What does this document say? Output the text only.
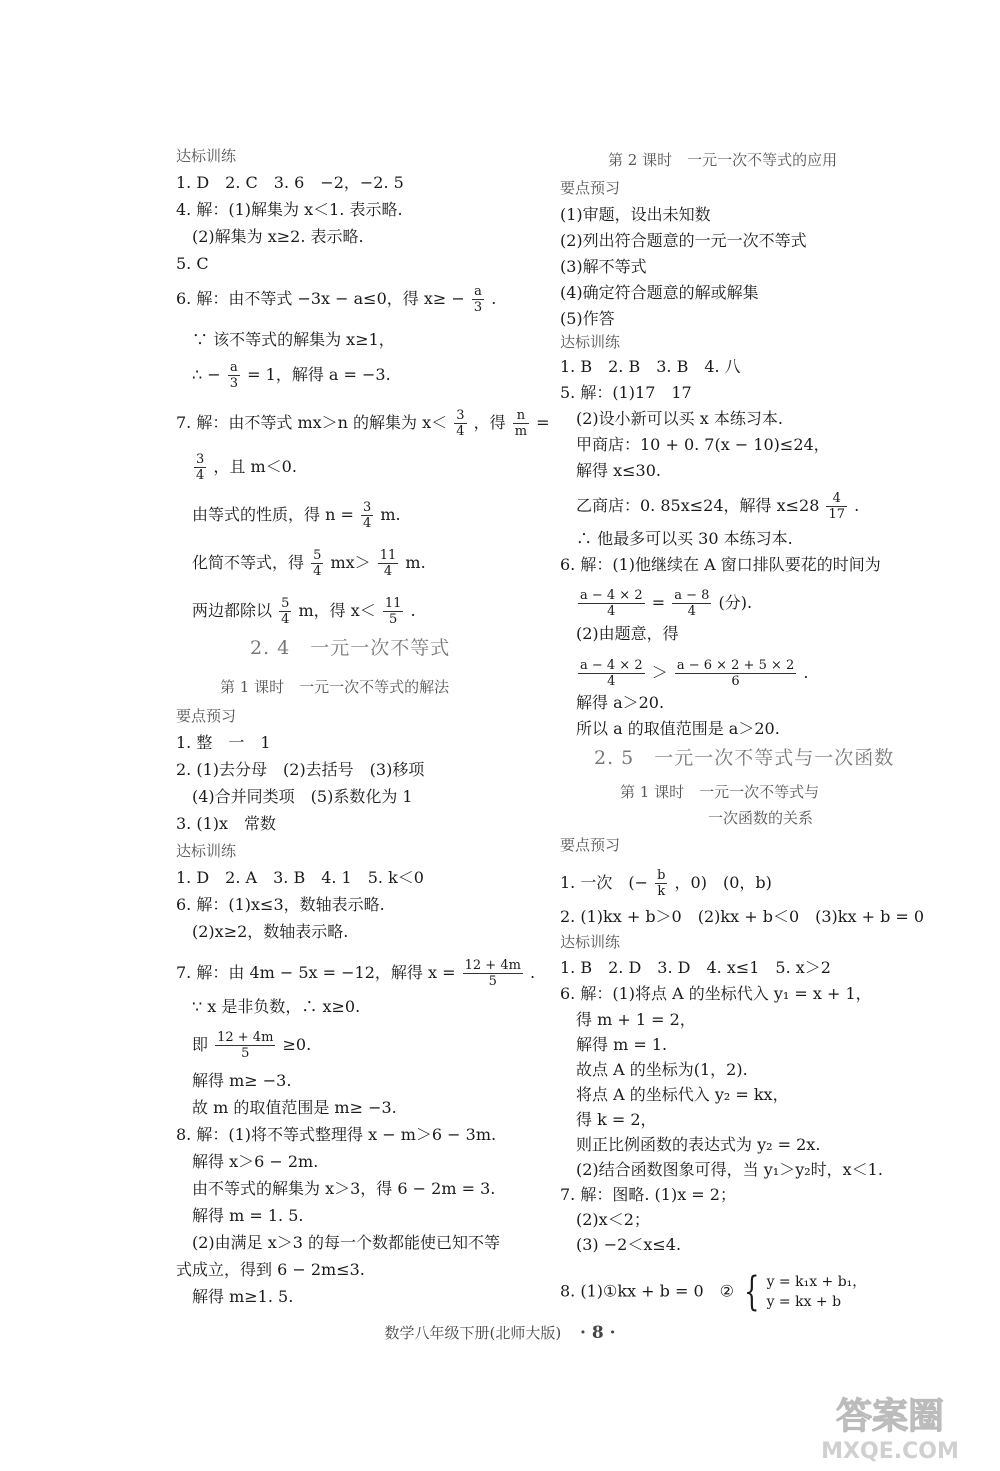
达标训练
1. D　2. C　3. 6　−2，−2. 5
4. 解：(1)解集为 x＜1. 表示略.
(2)解集为 x≥2. 表示略.
5. C
6. 解：由不等式 −3x − a≤0，得 $x\ge - \frac{a}{3}$ .
∵ 该不等式的解集为 x≥1，
∴ − $\frac{a}{3} = 1$，解得 a = −3.
7. 解：由不等式 mx＞n 的解集为 $x< \frac{3}{4}$ ，得 $\frac{n}{m}$ =
$\frac{3}{4}$ ，且 m＜0.
由等式的性质，得 $n = \frac{3}{4} m$.
化简不等式，得 $\frac{5}{4} mx> \frac{11}{4} m$.
两边都除以 $\frac{5}{4}$ m，得 $x< \frac{11}{5}$ .
2. 4　一元一次不等式
第 1 课时　一元一次不等式的解法
要点预习
1. 整　一　1
2. (1)去分母　(2)去括号　(3)移项
(4)合并同类项　(5)系数化为 1
3. (1)x　常数
达标训练
1. D　2. A　3. B　4. 1　5. k＜0
6. 解：(1)x≤3，数轴表示略.
(2)x≥2，数轴表示略.
7. 解：由 4m − 5x = −12，解得 $x = \frac{12 + 4m}{5}$ .
∵ x 是非负数，∴ x≥0.
即 $\frac{12 + 4m}{5} \ge 0$.
解得 m≥ −3.
故 m 的取值范围是 m≥ −3.
8. 解：(1)将不等式整理得 x − m＞6 − 3m.
解得 x＞6 − 2m.
由不等式的解集为 x＞3，得 6 − 2m = 3.
解得 m = 1. 5.
(2)由满足 x＞3 的每一个数都能使已知不等
式成立，得到 6 − 2m≤3.
解得 m≥1. 5.
第 2 课时　一元一次不等式的应用
要点预习
(1)审题，设出未知数
(2)列出符合题意的一元一次不等式
(3)解不等式
(4)确定符合题意的解或解集
(5)作答
达标训练
1. B　2. B　3. B　4. 八
5. 解：(1)17　17
(2)设小新可以买 x 本练习本.
甲商店：10 + 0. 7(x − 10)≤24，
解得 x≤30.
乙商店：0. 85x≤24，解得 $x\le 28 \frac{4}{17}$ .
∴ 他最多可以买 30 本练习本.
6. 解：(1)他继续在 A 窗口排队要花的时间为
$\frac{a - 4 \times 2}{4} = \frac{a - 8}{4}$ (分).
(2)由题意，得
$\frac{a - 4 \times 2}{4} > \frac{a - 6 \times 2 + 5 \times 2}{6}$ .
解得 a＞20.
所以 a 的取值范围是 a＞20.
2. 5　一元一次不等式与一次函数
第 1 课时　一元一次不等式与
一次函数的关系
要点预习
1. 一次　(− $\frac{b}{k}$ ，0)　(0，b)
2. (1)kx + b＞0　(2)kx + b＜0　(3)kx + b = 0
达标训练
1. B　2. D　3. D　4. x≤1　5. x＞2
6. 解：(1)将点 A 的坐标代入 y₁ = x + 1，
得 m + 1 = 2，
解得 m = 1.
故点 A 的坐标为(1，2).
将点 A 的坐标代入 y₂ = kx，
得 k = 2，
则正比例函数的表达式为 y₂ = 2x.
(2)结合函数图象可得，当 y₁＞y₂时，x＜1.
7. 解：图略. (1)x = 2；
(2)x＜2；
(3) −2＜x≤4.
8. (1)①kx + b = 0　② { y = k₁x + b₁，
y = kx + b
数学八年级下册(北师大版) · 8 ·
答案圈
MXQE.COM
